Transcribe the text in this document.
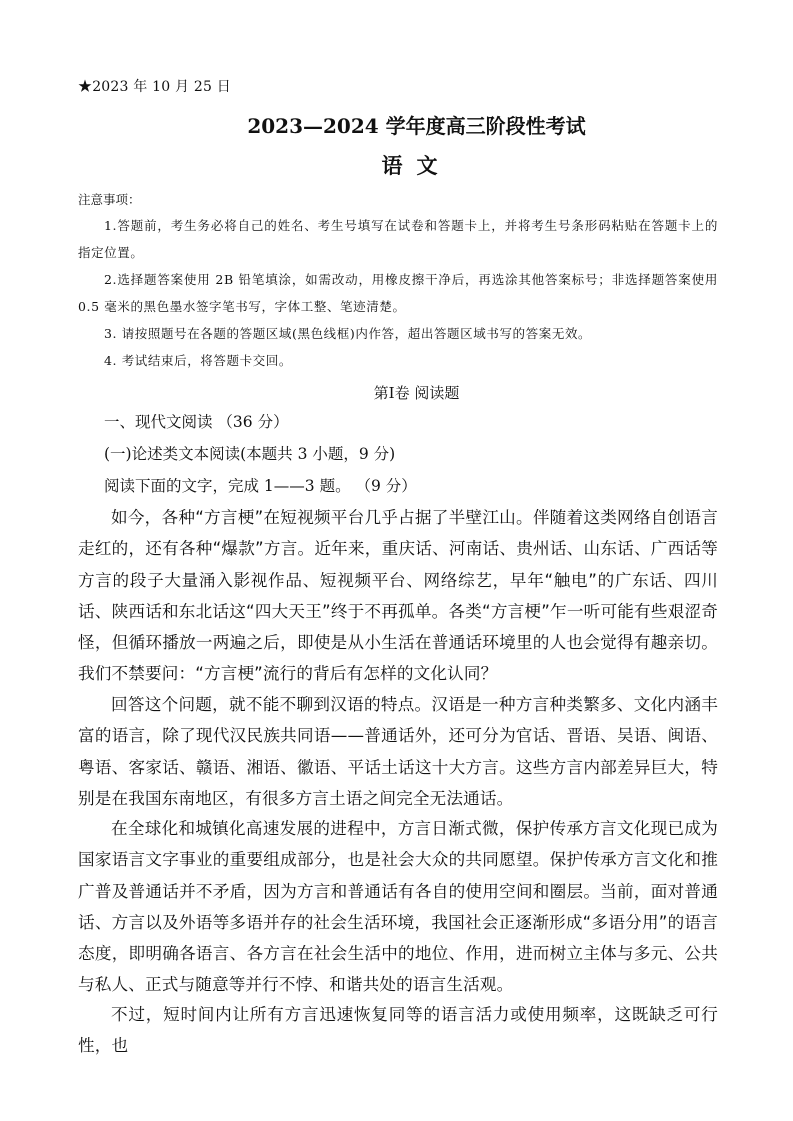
★2023 年 10 月 25 日
2023—2024 学年度高三阶段性考试
语文
注意事项：
1.答题前，考生务必将自己的姓名、考生号填写在试卷和答题卡上，并将考生号条形码粘贴在答题卡上的指定位置。
2.选择题答案使用 2B 铅笔填涂，如需改动，用橡皮擦干净后，再选涂其他答案标号；非选择题答案使用 0.5 毫米的黑色墨水签字笔书写，字体工整、笔迹清楚。
3. 请按照题号在各题的答题区域(黑色线框)内作答，超出答题区域书写的答案无效。
4. 考试结束后，将答题卡交回。
第Ⅰ卷 阅读题
一、现代文阅读 （36 分）
(一)论述类文本阅读(本题共 3 小题，9 分)
阅读下面的文字，完成 1——3 题。 （9 分）
如今，各种“方言梗”在短视频平台几乎占据了半壁江山。伴随着这类网络自创语言走红的，还有各种“爆款”方言。近年来，重庆话、河南话、贵州话、山东话、广西话等方言的段子大量涌入影视作品、短视频平台、网络综艺，早年“触电”的广东话、四川话、陕西话和东北话这“四大天王”终于不再孤单。各类“方言梗”乍一听可能有些艰涩奇怪，但循环播放一两遍之后，即使是从小生活在普通话环境里的人也会觉得有趣亲切。我们不禁要问：“方言梗”流行的背后有怎样的文化认同？
回答这个问题，就不能不聊到汉语的特点。汉语是一种方言种类繁多、文化内涵丰富的语言，除了现代汉民族共同语——普通话外，还可分为官话、晋语、吴语、闽语、粤语、客家话、赣语、湘语、徽语、平话土话这十大方言。这些方言内部差异巨大，特别是在我国东南地区，有很多方言土语之间完全无法通话。
在全球化和城镇化高速发展的进程中，方言日渐式微，保护传承方言文化现已成为国家语言文字事业的重要组成部分，也是社会大众的共同愿望。保护传承方言文化和推广普及普通话并不矛盾，因为方言和普通话有各自的使用空间和圈层。当前，面对普通话、方言以及外语等多语并存的社会生活环境，我国社会正逐渐形成“多语分用”的语言态度，即明确各语言、各方言在社会生活中的地位、作用，进而树立主体与多元、公共与私人、正式与随意等并行不悖、和谐共处的语言生活观。
不过，短时间内让所有方言迅速恢复同等的语言活力或使用频率，这既缺乏可行性，也
